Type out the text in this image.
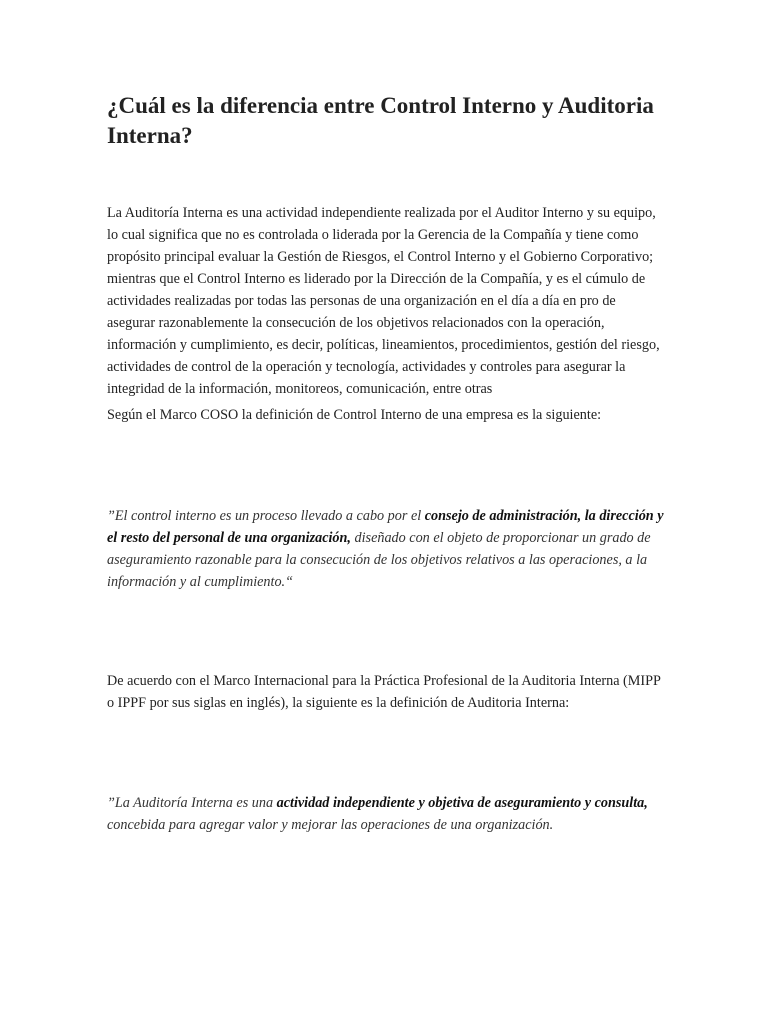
¿Cuál es la diferencia entre Control Interno y Auditoria Interna?

La Auditoría Interna es una actividad independiente realizada por el Auditor Interno y su equipo, lo cual significa que no es controlada o liderada por la Gerencia de la Compañía y tiene como propósito principal evaluar la Gestión de Riesgos, el Control Interno y el Gobierno Corporativo; mientras que el Control Interno es liderado por la Dirección de la Compañía, y es el cúmulo de actividades realizadas por todas las personas de una organización en el día a día en pro de asegurar razonablemente la consecución de los objetivos relacionados con la operación, información y cumplimiento, es decir, políticas, lineamientos, procedimientos, gestión del riesgo, actividades de control de la operación y tecnología, actividades y controles para asegurar la integridad de la información, monitoreos, comunicación, entre otras

Según el Marco COSO la definición de Control Interno de una empresa es la siguiente:

”El control interno es un proceso llevado a cabo por el consejo de administración, la dirección y el resto del personal de una organización, diseñado con el objeto de proporcionar un grado de aseguramiento razonable para la consecución de los objetivos relativos a las operaciones, a la información y al cumplimiento.“

De acuerdo con el Marco Internacional para la Práctica Profesional de la Auditoria Interna (MIPP o IPPF por sus siglas en inglés), la siguiente es la definición de Auditoria Interna:

”La Auditoría Interna es una actividad independiente y objetiva de aseguramiento y consulta, concebida para agregar valor y mejorar las operaciones de una organización.
